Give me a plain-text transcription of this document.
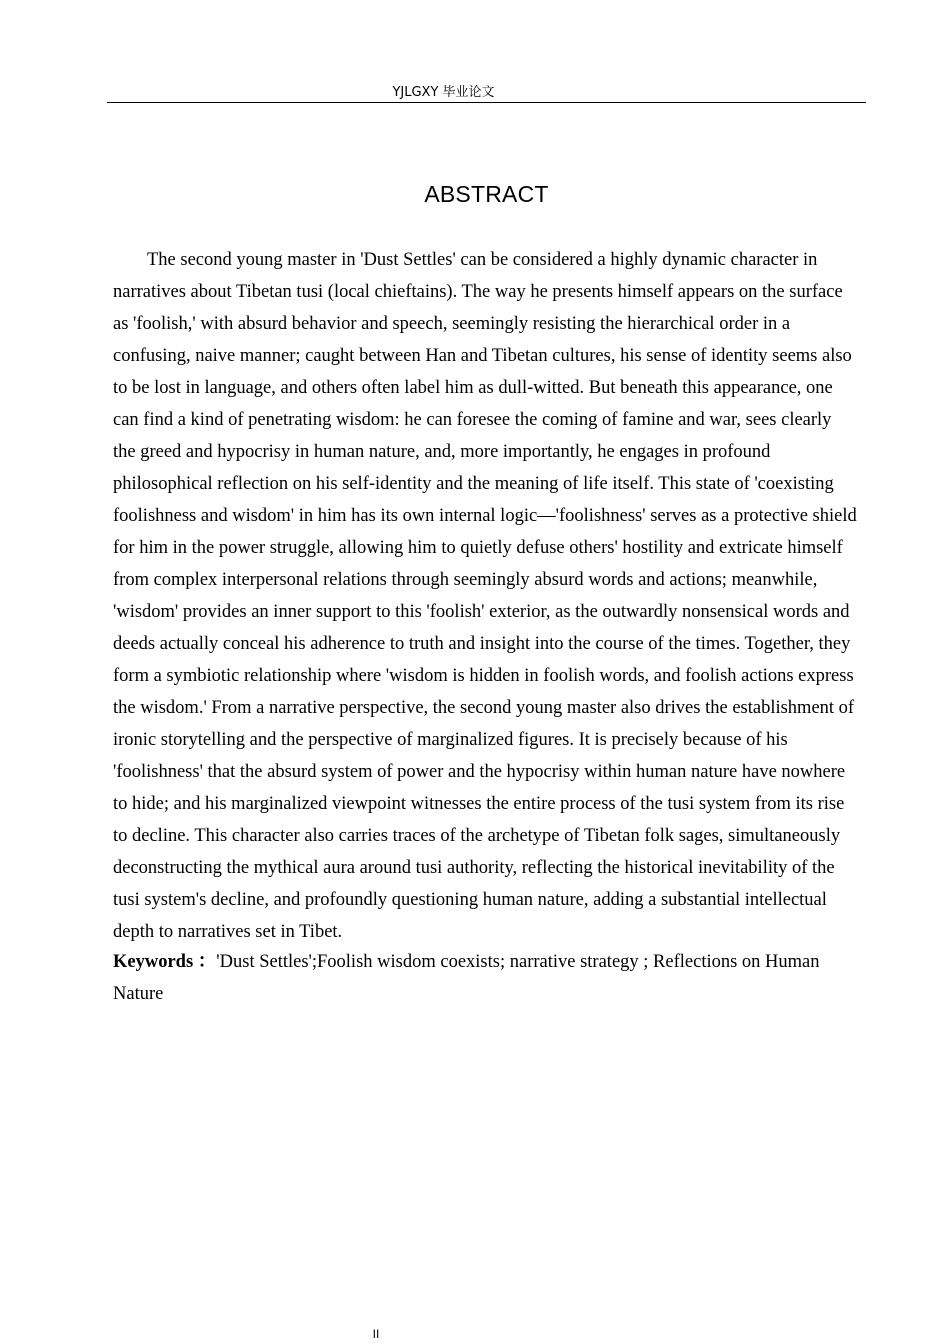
YJLGXY 毕业论文
ABSTRACT

The second young master in 'Dust Settles' can be considered a highly dynamic character in narratives about Tibetan tusi (local chieftains). The way he presents himself appears on the surface as 'foolish,' with absurd behavior and speech, seemingly resisting the hierarchical order in a confusing, naive manner; caught between Han and Tibetan cultures, his sense of identity seems also to be lost in language, and others often label him as dull-witted. But beneath this appearance, one can find a kind of penetrating wisdom: he can foresee the coming of famine and war, sees clearly the greed and hypocrisy in human nature, and, more importantly, he engages in profound philosophical reflection on his self-identity and the meaning of life itself. This state of 'coexisting foolishness and wisdom' in him has its own internal logic—'foolishness' serves as a protective shield for him in the power struggle, allowing him to quietly defuse others' hostility and extricate himself from complex interpersonal relations through seemingly absurd words and actions; meanwhile, 'wisdom' provides an inner support to this 'foolish' exterior, as the outwardly nonsensical words and deeds actually conceal his adherence to truth and insight into the course of the times. Together, they form a symbiotic relationship where 'wisdom is hidden in foolish words, and foolish actions express the wisdom.' From a narrative perspective, the second young master also drives the establishment of ironic storytelling and the perspective of marginalized figures. It is precisely because of his 'foolishness' that the absurd system of power and the hypocrisy within human nature have nowhere to hide; and his marginalized viewpoint witnesses the entire process of the tusi system from its rise to decline. This character also carries traces of the archetype of Tibetan folk sages, simultaneously deconstructing the mythical aura around tusi authority, reflecting the historical inevitability of the tusi system's decline, and profoundly questioning human nature, adding a substantial intellectual depth to narratives set in Tibet.

Keywords ：'Dust Settles';Foolish wisdom coexists; narrative strategy ; Reflections on Human Nature

II
